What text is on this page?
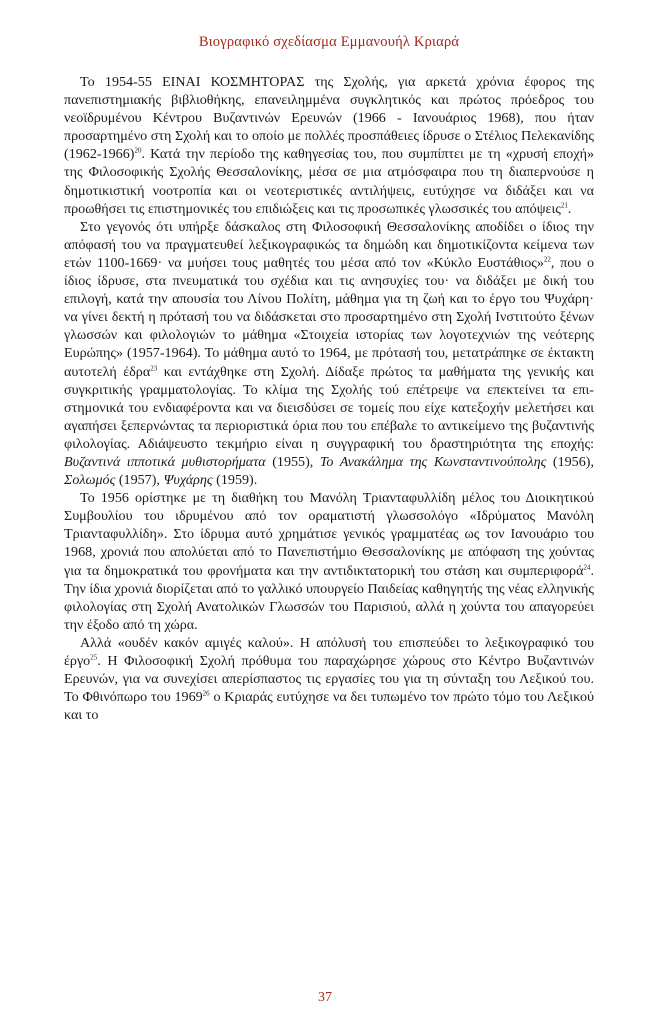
Βιογραφικό σχεδίασμα Εμμανουήλ Κριαρά

Το 1954-55 ΕΙΝΑΙ ΚΟΣΜΗΤΟΡΑΣ της Σχολής, για αρκετά χρόνια έφορος της πανεπιστημιακής βιβλιοθήκης, επανειλημμένα συγκλητικός και πρώτος πρόεδρος του νεοϊδρυμένου Κέντρου Βυζαντινών Ερευνών (1966 - Ιανουάριος 1968), που ήταν προσαρτημένο στη Σχολή και το οποίο με πολλές προσπάθειες ίδρυσε ο Στέλιος Πελεκανίδης (1962-1966)$^{20}$. Κατά την περίοδο της καθηγεσίας του, που συμπίπτει με τη «χρυσή εποχή» της Φιλοσοφικής Σχολής Θεσσαλονίκης, μέσα σε μια ατμόσφαιρα που τη διαπερνούσε η δημοτικιστική νοοτροπία και οι νεοτεριστικές αντιλήψεις, ευτύχησε να διδάξει και να προωθήσει τις επιστημονικές του επιδιώξεις και τις προσωπικές γλωσσικές του απόψεις$^{21}$.

Στο γεγονός ότι υπήρξε δάσκαλος στη Φιλοσοφική Θεσσαλονίκης αποδίδει ο ίδιος την απόφασή του να πραγματευθεί λεξικογραφικώς τα δημώδη και δημοτικίζοντα κείμενα των ετών 1100-1669· να μυήσει τους μαθητές του μέσα από τον «Κύκλο Ευστάθιος»$^{22}$, που ο ίδιος ίδρυσε, στα πνευματικά του σχέδια και τις ανησυχίες του· να διδάξει με δική του επιλογή, κατά την απουσία του Λίνου Πολίτη, μάθημα για τη ζωή και το έργο του Ψυχάρη· να γίνει δεκτή η πρότασή του να διδάσκεται στο προσαρτημένο στη Σχολή Ινστιτούτο ξένων γλωσσών και φιλολογιών το μάθημα «Στοιχεία ιστορίας των λογοτεχνιών της νεότερης Ευρώπης» (1957-1964). Το μάθημα αυτό το 1964, με πρότασή του, μετατράπηκε σε έκτακτη αυτοτελή έδρα$^{23}$ και εντάχθηκε στη Σχολή. Δίδαξε πρώτος τα μαθήματα της γενικής και συγκριτικής γραμματολογίας. Το κλίμα της Σχολής τού επέτρεψε να επεκτείνει τα επιστημονικά του ενδιαφέροντα και να διεισδύσει σε τομείς που είχε κατεξοχήν μελετήσει και αγαπήσει ξεπερνώντας τα περιοριστικά όρια που του επέβαλε το αντικείμενο της βυζαντινής φιλολογίας. Αδιάψευστο τεκμήριο είναι η συγγραφική του δραστηριότητα της εποχής: Βυζαντινά ιπποτικά μυθιστορήματα (1955), Το Ανακάλημα της Κωνσταντινούπολης (1956), Σολωμός (1957), Ψυχάρης (1959).

Το 1956 ορίστηκε με τη διαθήκη του Μανόλη Τριανταφυλλίδη μέλος του Διοικητικού Συμβουλίου του ιδρυμένου από τον οραματιστή γλωσσολόγο «Ιδρύματος Μανόλη Τριανταφυλλίδη». Στο ίδρυμα αυτό χρημάτισε γενικός γραμματέας ως τον Ιανουάριο του 1968, χρονιά που απολύεται από το Πανεπιστήμιο Θεσσαλονίκης με απόφαση της χούντας για τα δημοκρατικά του φρονήματα και την αντιδικτατορική του στάση και συμπεριφορά$^{24}$. Την ίδια χρονιά διορίζεται από το γαλλικό υπουργείο Παιδείας καθηγητής της νέας ελληνικής φιλολογίας στη Σχολή Ανατολικών Γλωσσών του Παρισιού, αλλά η χούντα του απαγορεύει την έξοδο από τη χώρα.

Αλλά «ουδέν κακόν αμιγές καλού». Η απόλυσή του επισπεύδει το λεξικογραφικό του έργο$^{25}$. Η Φιλοσοφική Σχολή πρόθυμα του παραχώρησε χώρους στο Κέντρο Βυζαντινών Ερευνών, για να συνεχίσει απερίσπαστος τις εργασίες του για τη σύνταξη του Λεξικού του. Το Φθινόπωρο του 1969$^{26}$ ο Κριαράς ευτύχησε να δει τυπωμένο τον πρώτο τόμο του Λεξικού και το

37
